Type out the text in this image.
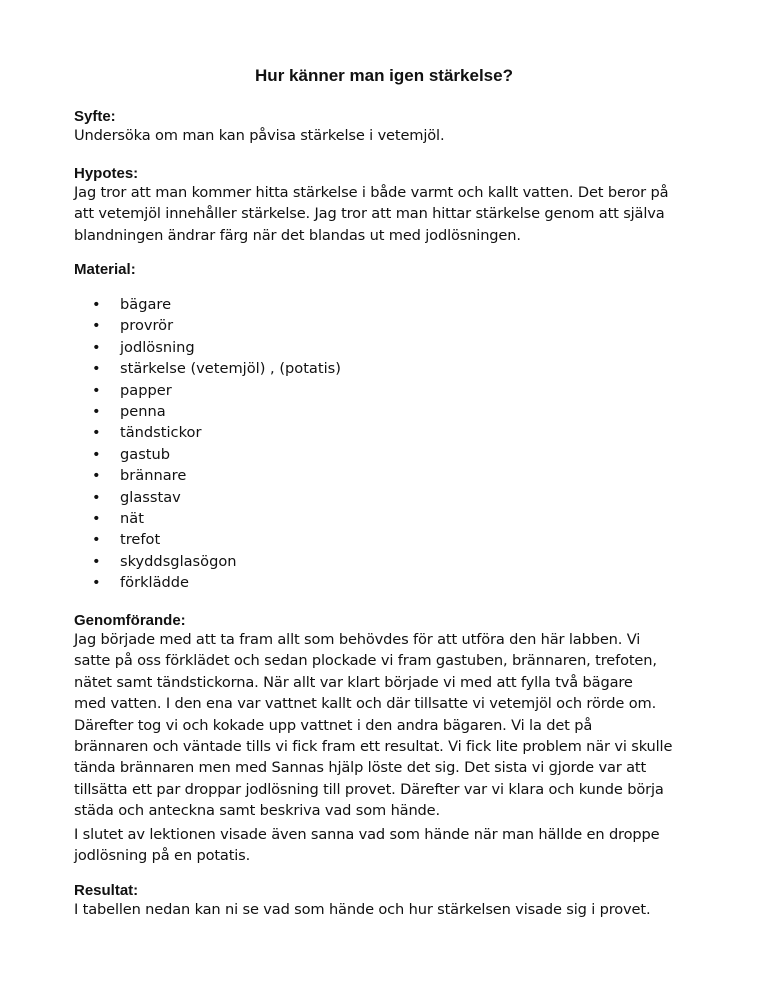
Hur känner man igen stärkelse?

Syfte:

Undersöka om man kan påvisa stärkelse i vetemjöl.

Hypotes:

Jag tror att man kommer hitta stärkelse i både varmt och kallt vatten. Det beror på

att vetemjöl innehåller stärkelse. Jag tror att man hittar stärkelse genom att själva

blandningen ändrar färg när det blandas ut med jodlösningen.

Material:

• bägare
• provrör
• jodlösning
• stärkelse (vetemjöl) , (potatis)
• papper
• penna
• tändstickor
• gastub
• brännare
• glasstav
• nät
• trefot
• skyddsglasögon
• förklädde

Genomförande:

Jag började med att ta fram allt som behövdes för att utföra den här labben. Vi

satte på oss förklädet och sedan plockade vi fram gastuben, brännaren, trefoten,

nätet samt tändstickorna. När allt var klart började vi med att fylla två bägare

med vatten. I den ena var vattnet kallt och där tillsatte vi vetemjöl och rörde om.

Därefter tog vi och kokade upp vattnet i den andra bägaren. Vi la det på

brännaren och väntade tills vi fick fram ett resultat. Vi fick lite problem när vi skulle

tända brännaren men med Sannas hjälp löste det sig. Det sista vi gjorde var att

tillsätta ett par droppar jodlösning till provet. Därefter var vi klara och kunde börja

städa och anteckna samt beskriva vad som hände.

I slutet av lektionen visade även sanna vad som hände när man hällde en droppe

jodlösning på en potatis.

Resultat:

I tabellen nedan kan ni se vad som hände och hur stärkelsen visade sig i provet.
